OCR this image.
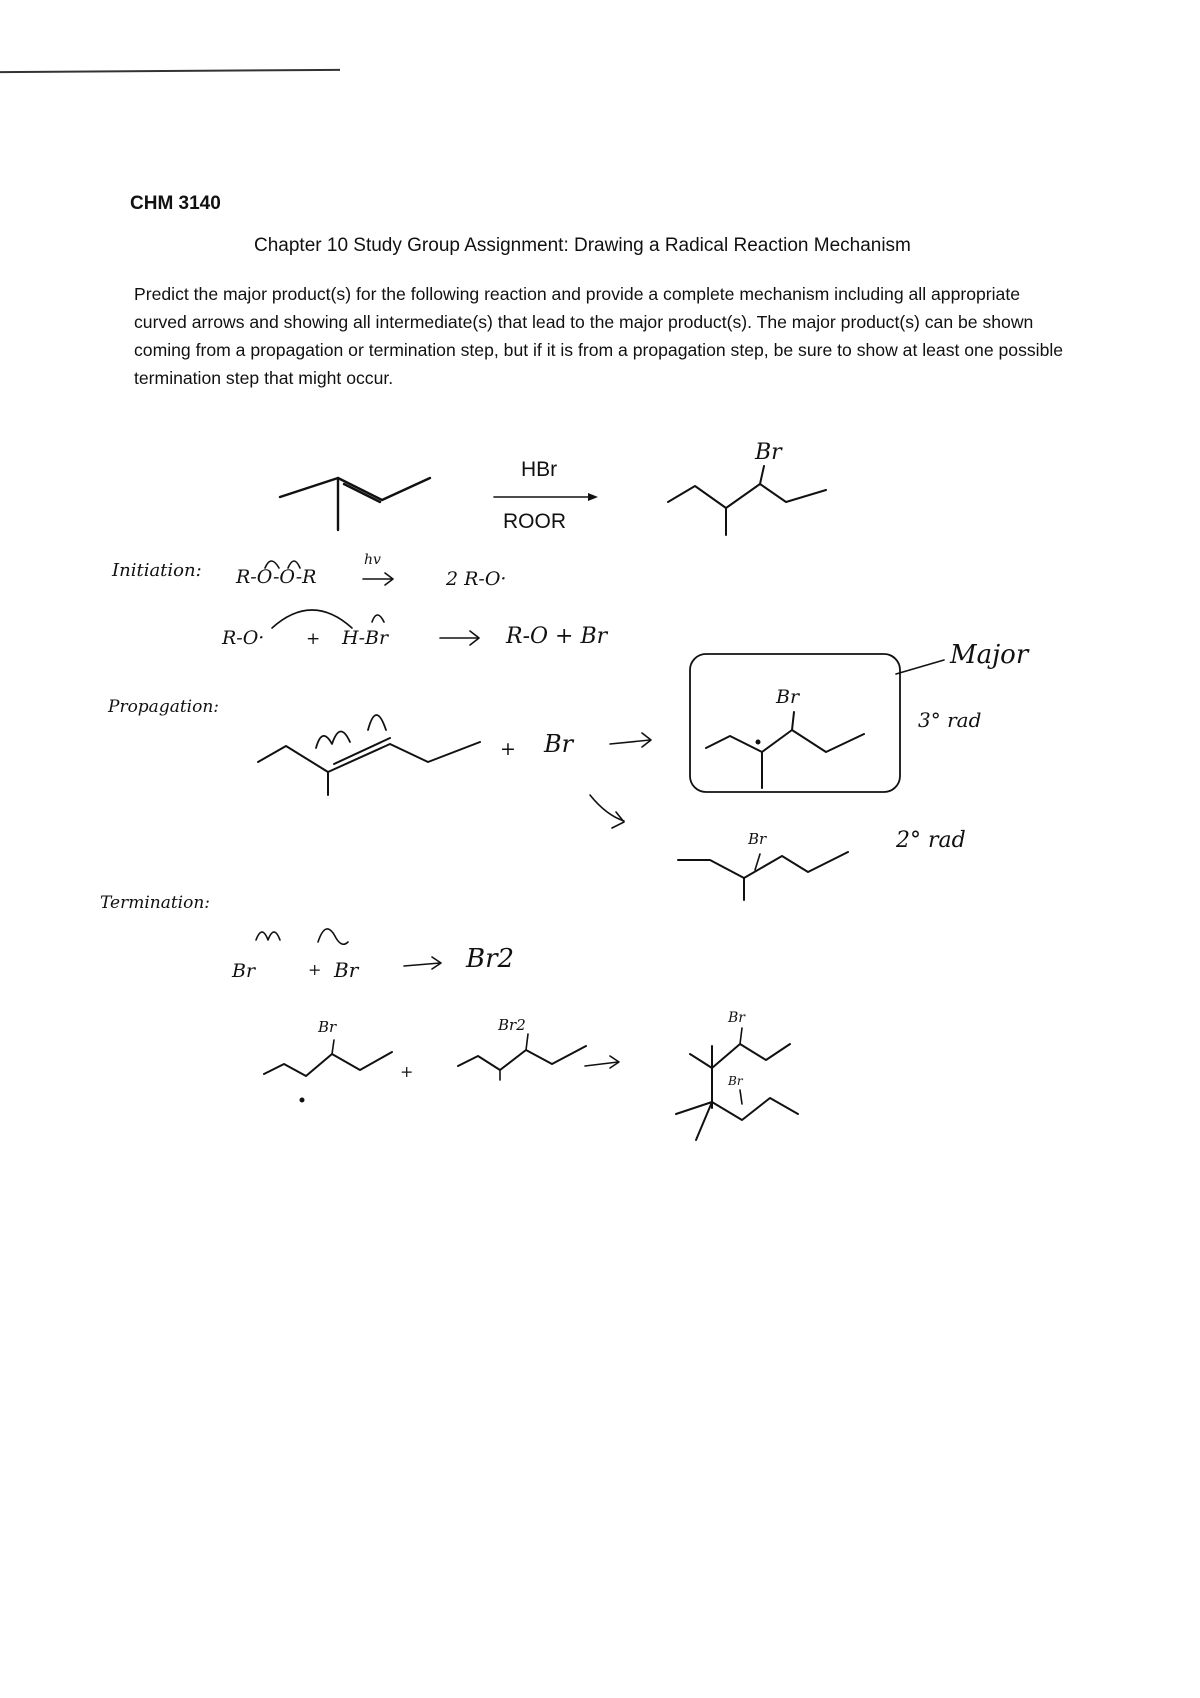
CHM 3140
Chapter 10 Study Group Assignment: Drawing a Radical Reaction Mechanism
Predict the major product(s) for the following reaction and provide a complete mechanism including all appropriate curved arrows and showing all intermediate(s) that lead to the major product(s). The major product(s) can be shown coming from a propagation or termination step, but if it is from a propagation step, be sure to show at least one possible termination step that might occur.
HBr
ROOR
Br
Initiation: R-O-O-R
hv
2 R-O·
R-O· + H-Br	R-O + Br
Propagation:
+ Br
Br
Major
3° rad
Br	2° rad
Termination:
Br	+ Br	Br2
Br
+
Br2	Br
Br
